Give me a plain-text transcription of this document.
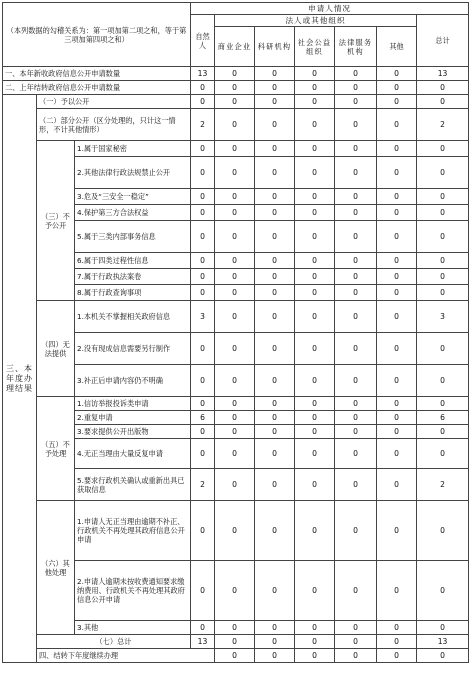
（本列数据的勾稽关系为：第一项加第二项之和，等于第三项加第四项之和）			申请人情况							
			自然人	法人或其他组织					总计	
				商业企业	科研机构	社会公益组织	法律服务机构	其他		
一、本年新收政府信息公开申请数量			13	0	0	0	0	0	13	
二、上年结转政府信息公开申请数量			0	0	0	0	0	0	0	
三、本年度办理结果	（一）予以公开		0	0	0	0	0	0	0	
	（二）部分公开（区分处理的，只计这一情形，不计其他情形）		2	0	0	0	0	0	2	
	（三）不予公开	1.属于国家秘密	0	0	0	0	0	0	0	
		2.其他法律行政法规禁止公开	0	0	0	0	0	0	0	
		3.危及“三安全一稳定”	0	0	0	0	0	0	0	
		4.保护第三方合法权益	0	0	0	0	0	0	0	
		5.属于三类内部事务信息	0	0	0	0	0	0	0	
		6.属于四类过程性信息	0	0	0	0	0	0	0	
		7.属于行政执法案卷	0	0	0	0	0	0	0	
		8.属于行政查询事项	0	0	0	0	0	0	0	
	（四）无法提供	1.本机关不掌握相关政府信息	3	0	0	0	0	0	3	
		2.没有现成信息需要另行制作	0	0	0	0	0	0	0	
		3.补正后申请内容仍不明确	0	0	0	0	0	0	0	
	（五）不予处理	1.信访举报投诉类申请	0	0	0	0	0	0	0	
		2.重复申请	6	0	0	0	0	0	6	
		3.要求提供公开出版物	0	0	0	0	0	0	0	
		4.无正当理由大量反复申请	0	0	0	0	0	0	0	
		5.要求行政机关确认或重新出具已获取信息	2	0	0	0	0	0	2	
	（六）其他处理	1.申请人无正当理由逾期不补正、行政机关不再处理其政府信息公开申请	0	0	0	0	0	0	0	
		2.申请人逾期未按收费通知要求缴纳费用、行政机关不再处理其政府信息公开申请	0	0	0	0	0	0	0	
		3.其他	0	0	0	0	0	0	0	
	（七）总计		13	0	0	0	0	0	13	
	四、结转下年度继续办理			0	0	0	0	0	0	
